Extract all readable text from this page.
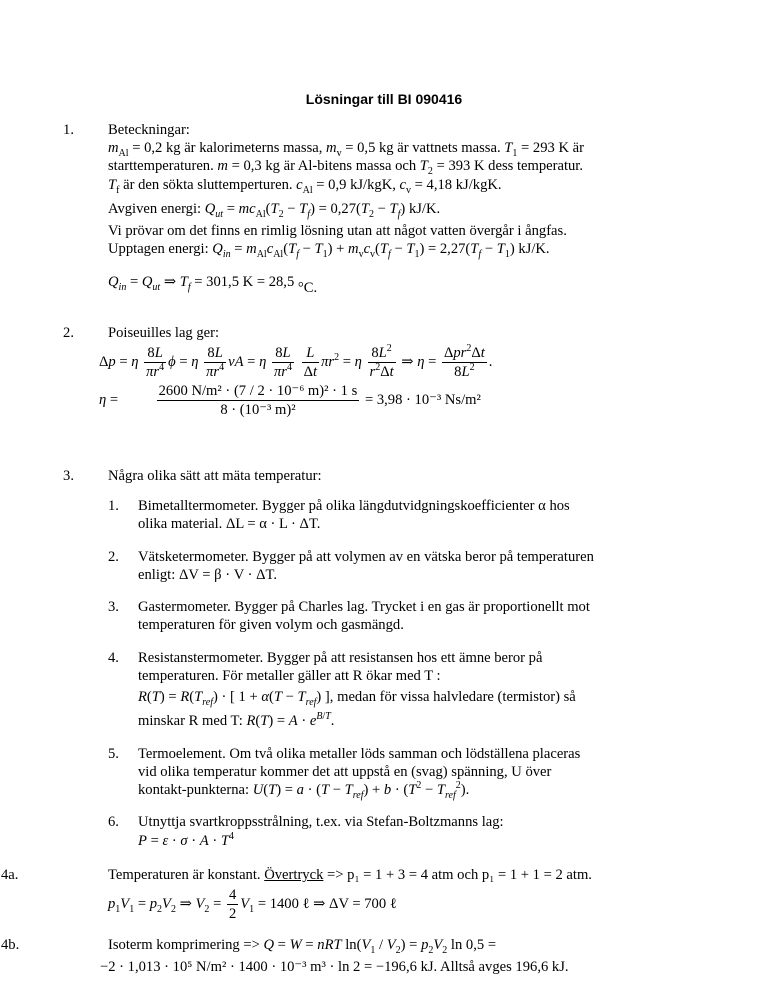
Lösningar till BI 090416
1. Beteckningar:
$m_{Al} = 0,2$ kg är kalorimeterns massa, $m_v = 0,5$ kg är vattnets massa. $T_1 = 293$ K är
starttemperaturen. m = 0,3 kg är Al-bitens massa och $T_2 = 393$ K dess temperatur.
$T_f$ är den sökta sluttemperturen. $c_{Al} = 0,9$ kJ/kgK, $c_v = 4,18$ kJ/kgK.
Avgiven energi: $Q_{ut} = mc_{Al}(T_2 - T_f) = 0,27(T_2 - T_f)$ kJ/K.
Vi prövar om det finns en rimlig lösning utan att något vatten övergår i ångfas.
Upptagen energi: $Q_{in} = m_{Al}c_{Al}(T_f - T_1) + m_vc_v(T_f - T_1) = 2,27(T_f - T_1)$ kJ/K.
$Q_{in} = Q_{ut}$ ⇒ $T_f = 301,5$ K = 28,5 °C.
2. Poiseuilles lag ger:
Δp = η $\frac{8L}{\pi r^4}$ ϕ = η $\frac{8L}{\pi r^4}$ vA = η $\frac{8L}{\pi r^4}$
$\frac{L}{\Delta t} \pi r^2 = \eta \frac{8L^2}{r^2\Delta t}$ ⇒ $\eta = \frac{\Delta pr^2\Delta t}{8L^2}$ .
$\eta = \frac{\text{2600 N/m² · (7 / 2 · 10⁻⁶ m)² · 1 s}}{\text{8 · (10⁻³ m)²}} = 3,98 \cdot 10^{-3}$ Ns/m²
3. Några olika sätt att mäta temperatur:
1. Bimetalltermometer. Bygger på olika längdutvidgningskoefficienter α hos
olika material. ΔL = α · L · ΔT.
2. Vätsketermometer. Bygger på att volymen av en vätska beror på temperaturen
enligt: ΔV = β · V · ΔT.
3. Gastermometer. Bygger på Charles lag. Trycket i en gas är proportionellt mot
temperaturen för given volym och gasmängd.
4. Resistanstermometer. Bygger på att resistansen hos ett ämne beror på
temperaturen. För metaller gäller att R ökar med T :
$R(T) = R(T_{ref})$ · [ $1 + \alpha(T - T_{ref})$ ], medan för vissa halvledare (termistor) så
minskar R med T: $R(T) = A \cdot e^{B/T}$.
5. Termoelement. Om två olika metaller löds samman och lödställena placeras
vid olika temperatur kommer det att uppstå en (svag) spänning, U över
kontakt-punkterna: $U(T) = a \cdot (T - T_{ref}) + b \cdot (T^2 - T_{ref}^2)$.
6. Utnyttja svartkroppsstrålning, t.ex. via Stefan-Boltzmanns lag:
$P = \varepsilon \cdot \sigma \cdot A \cdot T^4$
4a.	Temperaturen är konstant. Övertryck => p₁ = 1 + 3 = 4 atm och p₁ = 1 + 1 = 2 atm.
$p_1V_1 = p_2V_2$ ⇒ $V_2 = \frac{4}{2} V_1 = 1400$ ℓ ⇒ ΔV = 700 ℓ
4b.	Isoterm komprimering => Q = W = nRT $\ln(V_1 / V_2) = p_2V_2$ ln 0,5 =
−2 · 1,013 · 10⁵ N/m² · 1400 · 10⁻³ m³ · ln 2 = −196,6 kJ. Alltså avges 196,6 kJ.
